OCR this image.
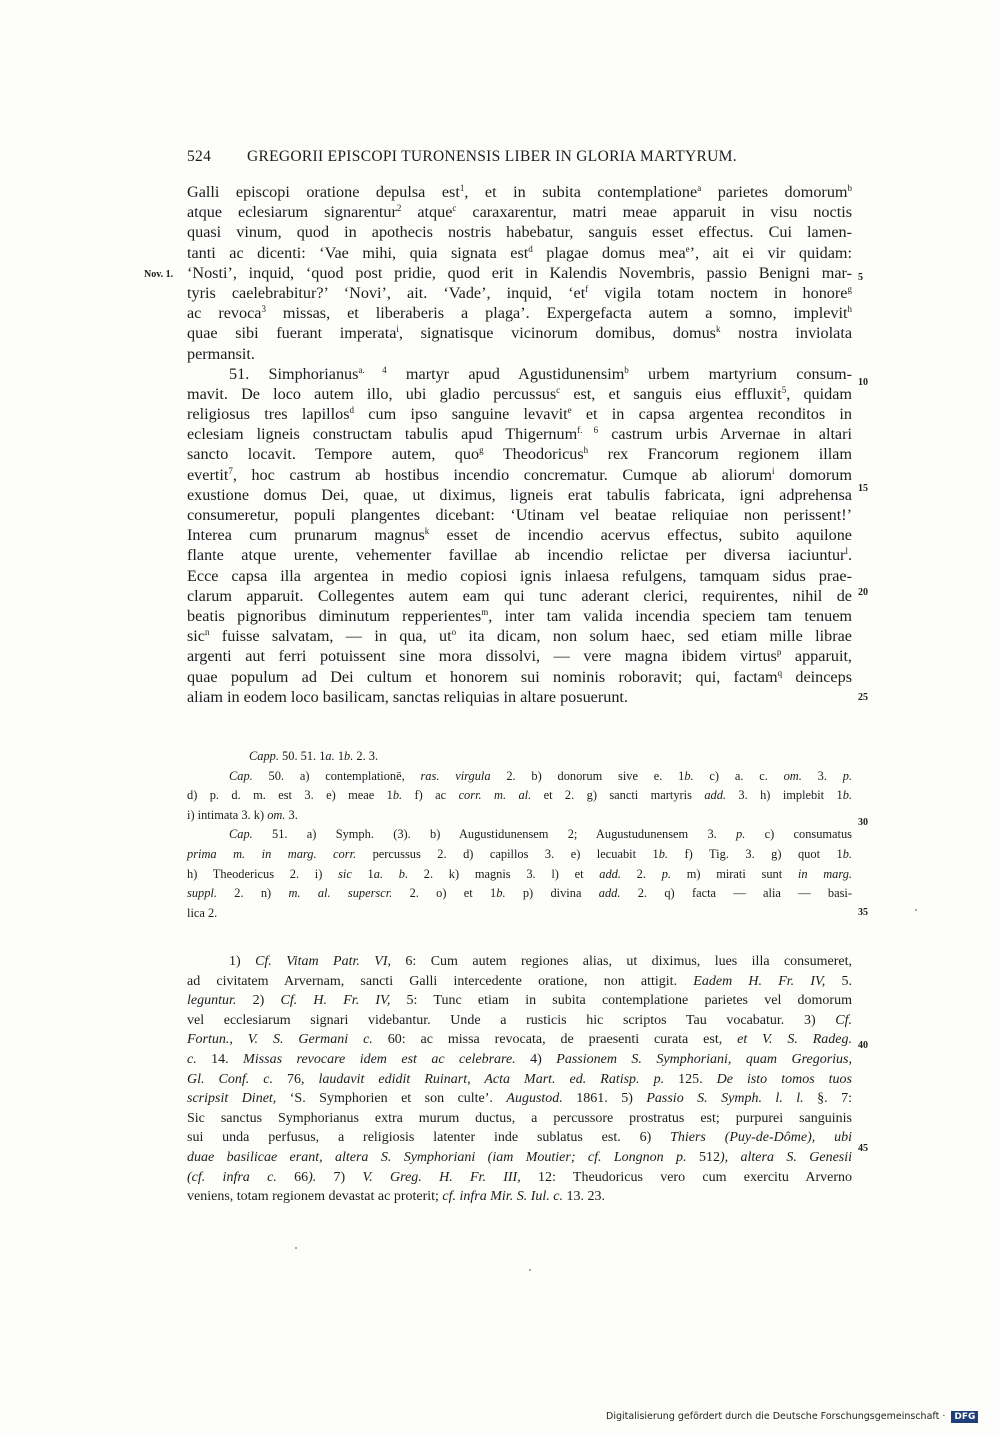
524 GREGORII EPISCOPI TURONENSIS LIBER IN GLORIA MARTYRUM.
Nov. 1.	5
10
15
20
25
30
35
40
45
Galli episcopi oratione depulsa est$^1$, et in subita contemplatione$^a$ parietes domorum$^b$
atque eclesiarum signarentur$^2$ atque$^c$ caraxarentur, matri meae apparuit in visu noctis
quasi vinum, quod in apothecis nostris habebatur, sanguis esset effectus. Cui lamen-
tanti ac dicenti: ‘Vae mihi, quia signata est$^d$ plagae domus mea$^e$’, ait ei vir quidam:
‘Nosti’, inquid, ‘quod post pridie, quod erit in Kalendis Novembris, passio Benigni mar-
tyris caelebrabitur?’ ‘Novi’, ait. ‘Vade’, inquid, ‘$et^f$ vigila totam noctem in honore$^g$
ac revoca$^3$ missas, et liberaberis a plaga’. Expergefacta autem a somno, implevit$^h$
quae sibi fuerant imperata$^i$, signatisque vicinorum domibus, domus$^k$ nostra inviolata
permansit.
51. Simphorianus$^{a. 4}$ martyr apud Agustidunensim$^b$ urbem martyrium consum-
mavit. De loco autem illo, ubi gladio percussus$^c$ est, et sanguis eius effluxit$^5$, quidam
religiosus tres lapillos$^d$ cum ipso sanguine levavit$^e$ et in capsa argentea reconditos in
eclesiam ligneis constructam tabulis apud Thigernum$^{f. 6}$ castrum urbis Arvernae in altari
sancto locavit. Tempore autem, quo$^g$ Theodoricus$^h$ rex Francorum regionem illam
evertit$^7$, hoc castrum ab hostibus incendio concrematur. Cumque ab aliorum$^i$ domorum
exustione domus Dei, quae, ut diximus, ligneis erat tabulis fabricata, igni adprehensa
consumeretur, populi plangentes dicebant: ‘Utinam vel beatae reliquiae non perissent!’
Interea cum prunarum magnus$^k$ esset de incendio acervus effectus, subito aquilone
flante atque urente, vehementer favillae ab incendio relictae per diversa iaciuntur$^l$.
Ecce capsa illa argentea in medio copiosi ignis inlaesa refulgens, tamquam sidus prae-
clarum apparuit. Collegentes autem eam qui tunc aderant clerici, requirentes, nihil de
beatis pignoribus diminutum repperientes$^m$, inter tam valida incendia speciem tam tenuem
sic$^n$ fuisse salvatam, — in qua, $ut^o$ ita dicam, non solum haec, sed etiam mille librae
argenti aut ferri potuissent sine mora dissolvi, — vere magna ibidem virtus$^p$ apparuit,
quae populum ad Dei cultum et honorem sui nominis roboravit; qui, factam$^q$ deinceps
aliam in eodem loco basilicam, sanctas reliquias in altare posuerunt.
Capp. 50. 51. 1a. 1b. 2. 3.
Cap. 50. a) contemplationē, ras. virgula 2. b) donorum sive e. 1b. c) a. c. om. 3. p.
d) p. d. m. est 3. e) meae 1b. f) ac corr. m. al. et 2. g) sancti martyris add. 3. h) implebit 1b.
i) intimata 3. k) om. 3.
Cap. 51. a) Symph. (3). b) Augustidunensem 2; Augustudunensem 3. p. c) consumatus
prima m. in marg. corr. percussus 2. d) capillos 3. e) lecuabit 1b. f) Tig. 3. g) quot 1b.
h) Theodericus 2. i) sic 1a. b. 2. k) magnis 3. l) et add. 2. p. m) mirati sunt in marg.
suppl. 2. n) m. al. superscr. 2. o) et 1b. p) divina add. 2. q) facta — alia — basi-
lica 2.
1) Cf. Vitam Patr. VI, 6: Cum autem regiones alias, ut diximus, lues illa consumeret,
ad civitatem Arvernam, sancti Galli intercedente oratione, non attigit. Eadem H. Fr. IV, 5.
leguntur. 2) Cf. H. Fr. IV, 5: Tunc etiam in subita contemplatione parietes vel domorum
vel ecclesiarum signari videbantur. Unde a rusticis hic scriptos Tau vocabatur. 3) Cf.
Fortun., V. S. Germani c. 60: ac missa revocata, de praesenti curata est, et V. S. Radeg.
c. 14. Missas revocare idem est ac celebrare. 4) Passionem S. Symphoriani, quam Gregorius,
Gl. Conf. c. 76, laudavit edidit Ruinart, Acta Mart. ed. Ratisp. p. 125. De isto tomos tuos
scripsit Dinet, ‘S. Symphorien et son culte’. Augustod. 1861. 5) Passio S. Symph. l. l. §. 7:
Sic sanctus Symphorianus extra murum ductus, a percussore prostratus est; purpurei sanguinis
sui unda perfusus, a religiosis latenter inde sublatus est. 6) Thiers (Puy-de-Dôme), ubi
duae basilicae erant, altera S. Symphoriani (iam Moutier; cf. Longnon p. 512), altera S. Genesii
(cf. infra c. 66). 7) V. Greg. H. Fr. III, 12: Theudoricus vero cum exercitu Arverno
veniens, totam regionem devastat ac proterit; cf. infra Mir. S. Iul. c. 13. 23.
Digitalisierung gefördert durch die Deutsche Forschungsgemeinschaft · DFG
